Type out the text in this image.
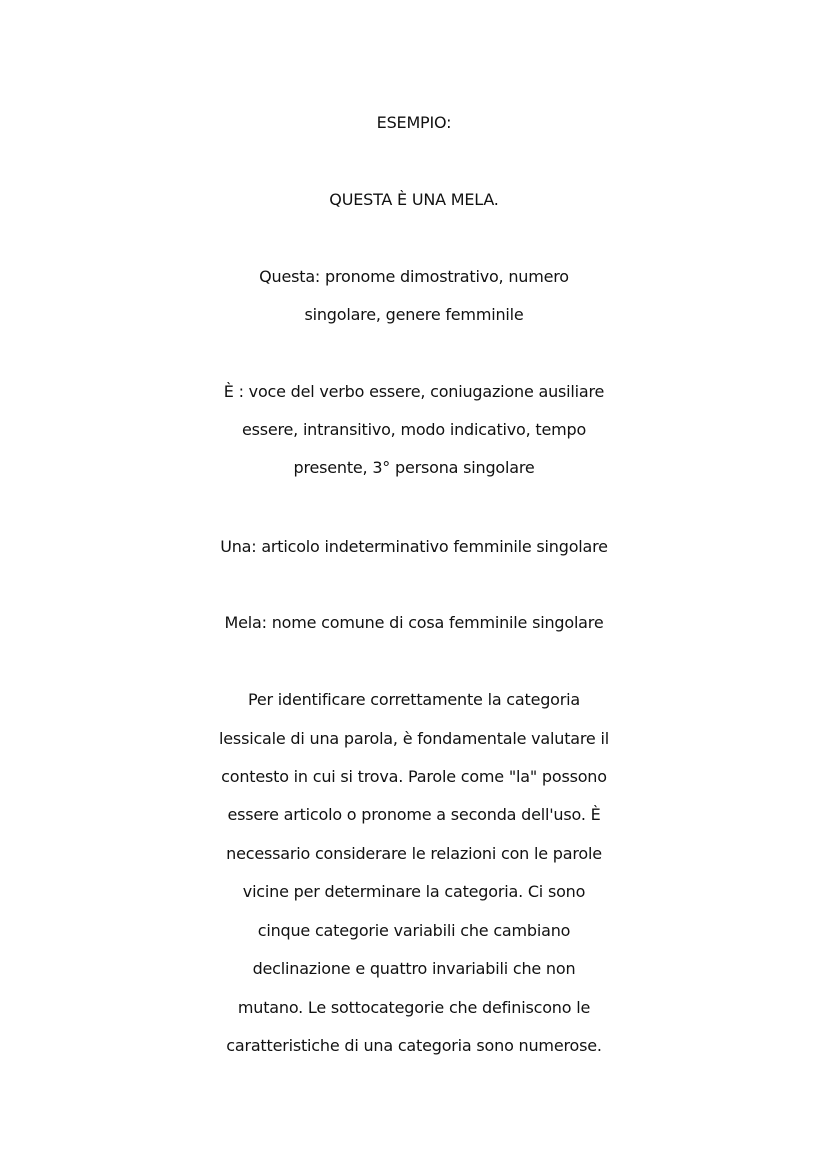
ESEMPIO:
QUESTA È UNA MELA.
Questa: pronome dimostrativo, numero
singolare, genere femminile
È : voce del verbo essere, coniugazione ausiliare
essere, intransitivo, modo indicativo, tempo
presente, 3° persona singolare
Una: articolo indeterminativo femminile singolare
Mela: nome comune di cosa femminile singolare
Per identificare correttamente la categoria
lessicale di una parola, è fondamentale valutare il
contesto in cui si trova. Parole come "la" possono
essere articolo o pronome a seconda dell'uso. È
necessario considerare le relazioni con le parole
vicine per determinare la categoria. Ci sono
cinque categorie variabili che cambiano
declinazione e quattro invariabili che non
mutano. Le sottocategorie che definiscono le
caratteristiche di una categoria sono numerose.
